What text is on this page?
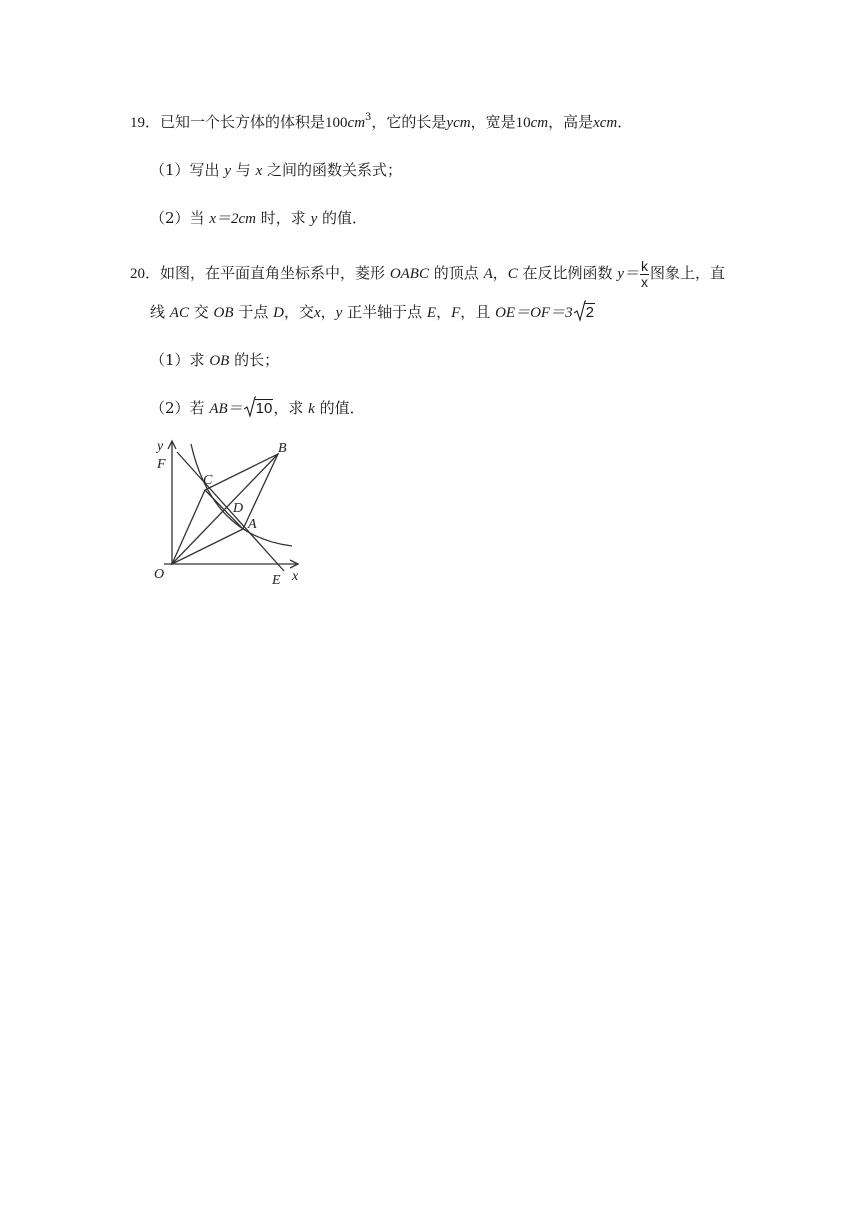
19．已知一个长方体的体积是$100cm^3$，它的长是ycm，宽是10cm，高是xcm．
（1）写出 y 与 x 之间的函数关系式；
（2）当 x＝2cm 时，求 y 的值．
20．如图，在平面直角坐标系中，菱形 OABC 的顶点 A，C 在反比例函数 $y= \frac{k}{x}$ 图象上，直
线 AC 交 OB 于点 D，交x，y 正半轴于点 E，F，且 OE＝OF＝3 2
（1）求 OB 的长；
（2）若 AB＝ 10，求 k 的值．
y
F
B
C
D
A
O	E x
